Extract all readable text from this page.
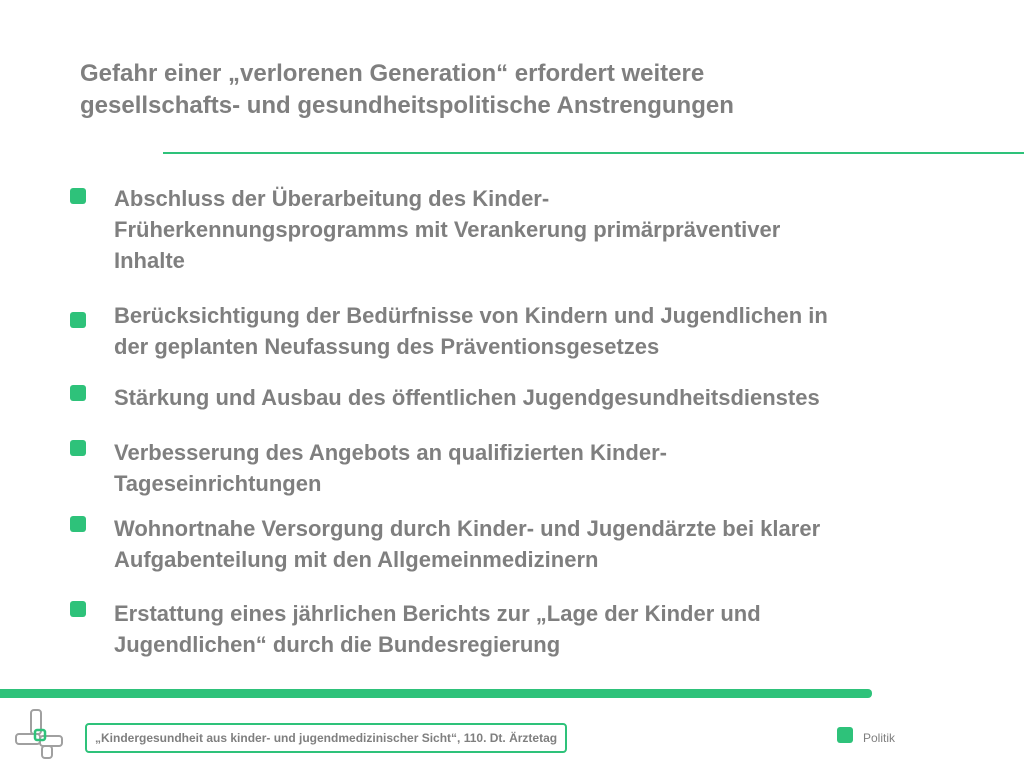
Gefahr einer „verlorenen Generation“ erfordert weitere
gesellschafts- und gesundheitspolitische Anstrengungen
Abschluss der Überarbeitung des Kinder-
Früherkennungsprogramms mit Verankerung primärpräventiver
Inhalte
Berücksichtigung der Bedürfnisse von Kindern und Jugendlichen in
der geplanten Neufassung des Präventionsgesetzes
Stärkung und Ausbau des öffentlichen Jugendgesundheitsdienstes
Verbesserung des Angebots an qualifizierten Kinder-
Tageseinrichtungen
Wohnortnahe Versorgung durch Kinder- und Jugendärzte bei klarer
Aufgabenteilung mit den Allgemeinmedizinern
Erstattung eines jährlichen Berichts zur „Lage der Kinder und
Jugendlichen“ durch die Bundesregierung
„Kindergesundheit aus kinder- und jugendmedizinischer Sicht“, 110. Dt. Ärztetag	Politik
